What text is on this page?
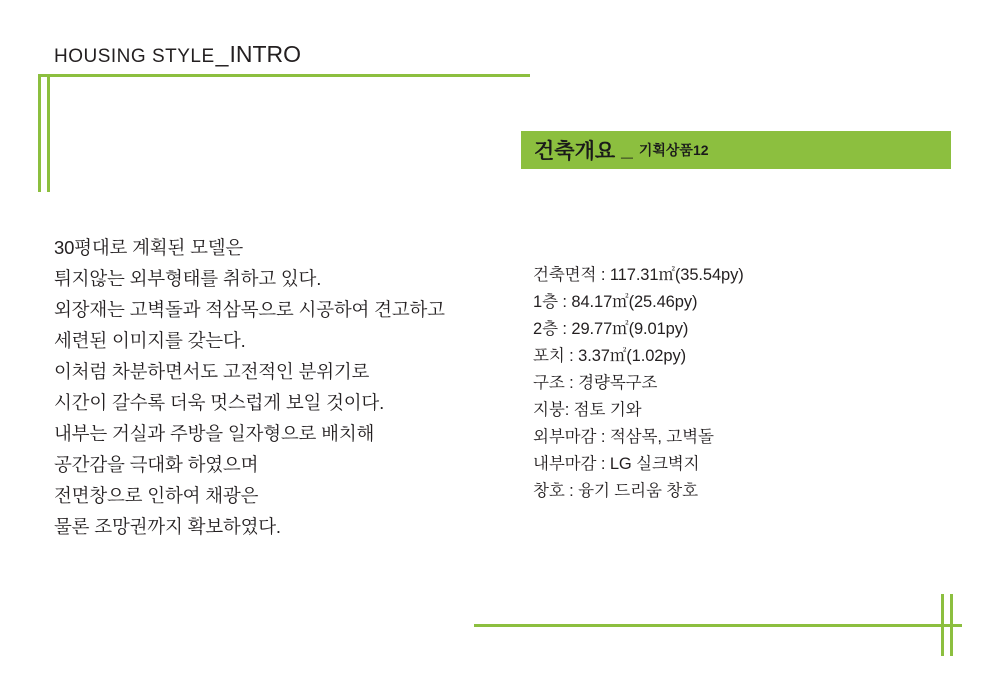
HOUSING STYLE_INTRO
30평대로 계획된 모델은
튀지않는 외부형태를 취하고 있다.
외장재는 고벽돌과 적삼목으로 시공하여 견고하고
세련된 이미지를 갖는다.
이처럼 차분하면서도 고전적인 분위기로
시간이 갈수록 더욱 멋스럽게 보일 것이다.
내부는 거실과 주방을 일자형으로 배치해
공간감을 극대화 하였으며
전면창으로 인하여 채광은
물론 조망권까지 확보하였다.
건축개요 _ 기획상품12
건축면적 : 117.31㎡(35.54py)
1층 : 84.17㎡(25.46py)
2층 : 29.77㎡(9.01py)
포치 : 3.37㎡(1.02py)
구조 : 경량목구조
지붕: 점토 기와
외부마감 : 적삼목, 고벽돌
내부마감 : LG 실크벽지
창호 : 융기 드리움 창호
